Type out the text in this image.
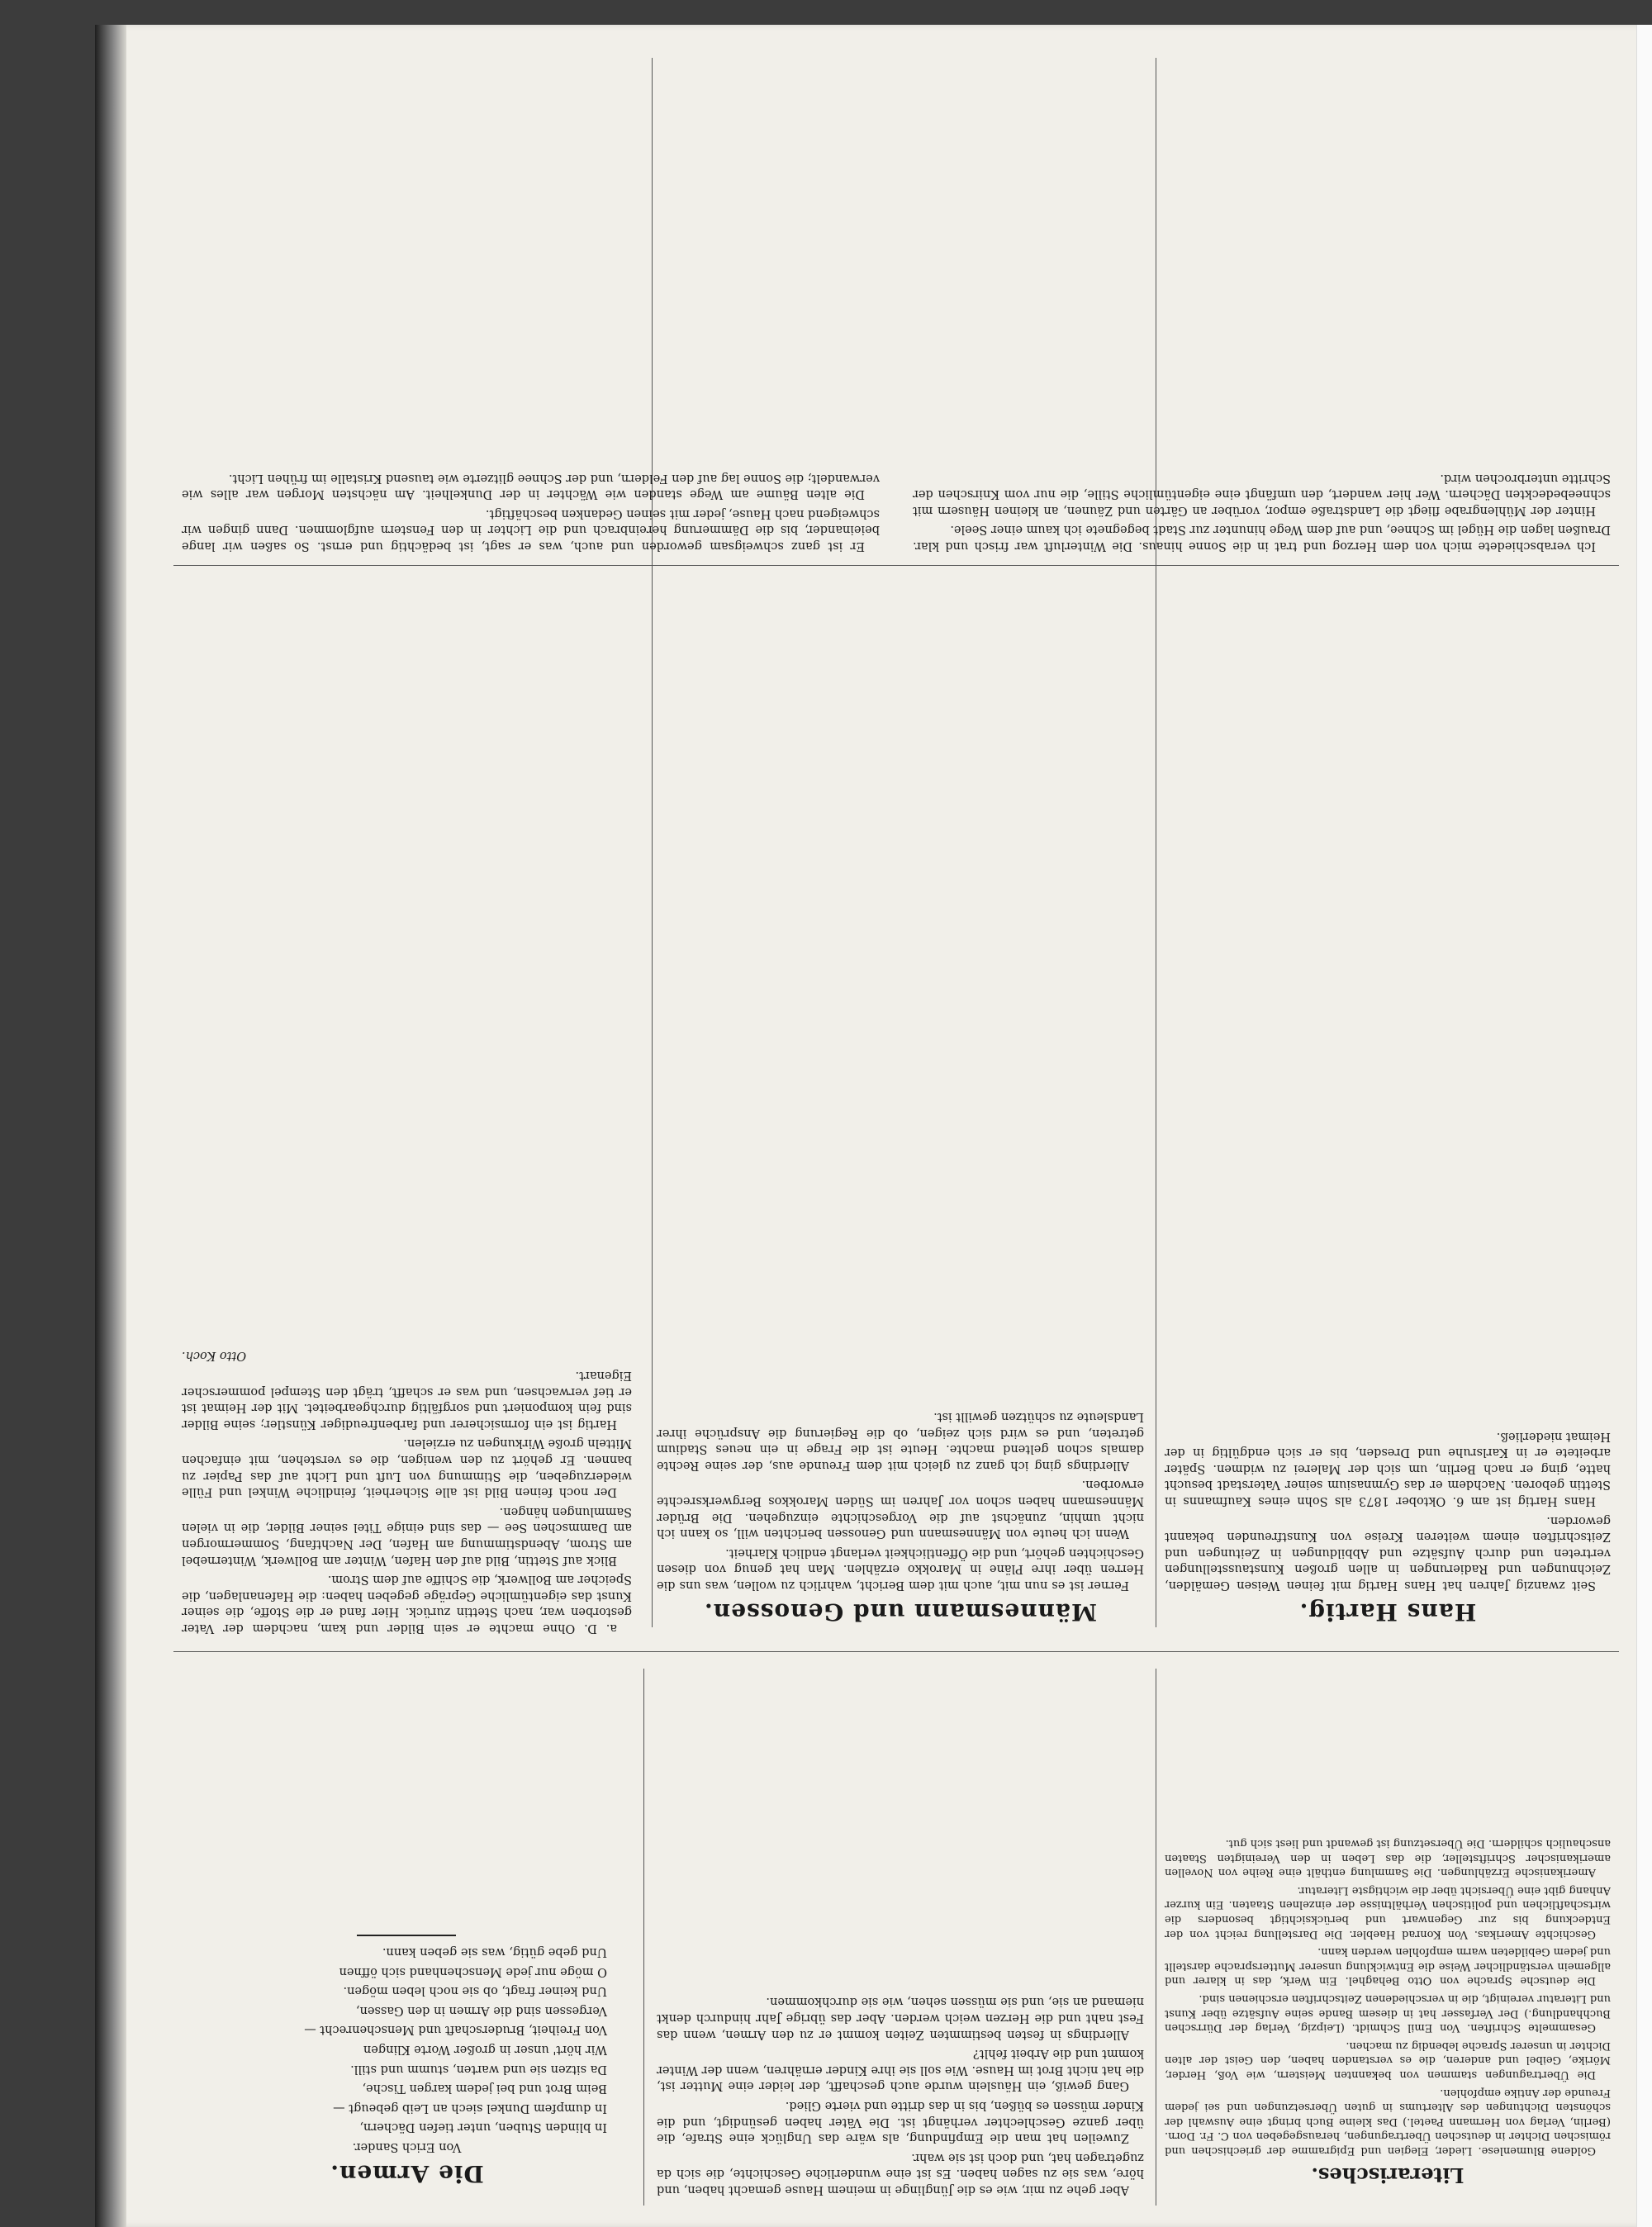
Literarisches.

Goldene Blumenlese. Lieder, Elegien und Epigramme der griechischen und römischen Dichter in deutschen Übertragungen, herausgegeben von C. Fr. Dorn. (Berlin, Verlag von Hermann Paetel.) Das kleine Buch bringt eine Auswahl der schönsten Dichtungen des Altertums in guten Übersetzungen und sei jedem Freunde der Antike empfohlen.

Die Übertragungen stammen von bekannten Meistern, wie Voß, Herder, Mörike, Geibel und anderen, die es verstanden haben, den Geist der alten Dichter in unserer Sprache lebendig zu machen.

Gesammelte Schriften. Von Emil Schmidt. (Leipzig, Verlag der Dürrschen Buchhandlung.) Der Verfasser hat in diesem Bande seine Aufsätze über Kunst und Literatur vereinigt, die in verschiedenen Zeitschriften erschienen sind.

Die deutsche Sprache von Otto Behaghel. Ein Werk, das in klarer und allgemein verständlicher Weise die Entwicklung unserer Muttersprache darstellt und jedem Gebildeten warm empfohlen werden kann.

Geschichte Amerikas. Von Konrad Haebler. Die Darstellung reicht von der Entdeckung bis zur Gegenwart und berücksichtigt besonders die wirtschaftlichen und politischen Verhältnisse der einzelnen Staaten. Ein kurzer Anhang gibt eine Übersicht über die wichtigste Literatur.

Amerikanische Erzählungen. Die Sammlung enthält eine Reihe von Novellen amerikanischer Schriftsteller, die das Leben in den Vereinigten Staaten anschaulich schildern. Die Übersetzung ist gewandt und liest sich gut.

Aber gehe zu mir, wie es die Jünglinge in meinem Hause gemacht haben, und höre, was sie zu sagen haben. Es ist eine wunderliche Geschichte, die sich da zugetragen hat, und doch ist sie wahr.

Zuweilen hat man die Empfindung, als wäre das Unglück eine Strafe, die über ganze Geschlechter verhängt ist. Die Väter haben gesündigt, und die Kinder müssen es büßen, bis in das dritte und vierte Glied.

Gang gewiß, ein Häuslein wurde auch geschafft, der leider eine Mutter ist, die hat nicht Brot im Hause. Wie soll sie ihre Kinder ernähren, wenn der Winter kommt und die Arbeit fehlt?

Allerdings in festen bestimmten Zeiten kommt er zu den Armen, wenn das Fest naht und die Herzen weich werden. Aber das übrige Jahr hindurch denkt niemand an sie, und sie müssen sehen, wie sie durchkommen.

Die Armen.

Von Erich Sander.

In blinden Stuben, unter tiefen Dächern,

In dumpfem Dunkel siech an Leib gebeugt —

Beim Brot und bei jedem kargen Tische,

Da sitzen sie und warten, stumm und still.

Wir hört' unser in großer Worte Klingen

Von Freiheit, Bruderschaft und Menschenrecht —

Vergessen sind die Armen in den Gassen,

Und keiner fragt, ob sie noch leben mögen.

O möge nur jede Menschenhand sich öffnen

Und gebe gütig, was sie geben kann.

Männesmann und Genossen.

Ferner ist es nun mit, auch mit dem Bericht, wahrlich zu wollen, was uns die Herren über ihre Pläne in Marokko erzählen. Man hat genug von diesen Geschichten gehört, und die Öffentlichkeit verlangt endlich Klarheit.

Wenn ich heute von Männesmann und Genossen berichten will, so kann ich nicht umhin, zunächst auf die Vorgeschichte einzugehen. Die Brüder Männesmann haben schon vor Jahren im Süden Marokkos Bergwerksrechte erworben.

Allerdings ging ich ganz zu gleich mit dem Freunde aus, der seine Rechte damals schon geltend machte. Heute ist die Frage in ein neues Stadium getreten, und es wird sich zeigen, ob die Regierung die Ansprüche ihrer Landsleute zu schützen gewillt ist.

a. D. Ohne machte er sein Bilder und kam, nachdem der Vater gestorben war, nach Stettin zurück. Hier fand er die Stoffe, die seiner Kunst das eigentümliche Gepräge gegeben haben: die Hafenanlagen, die Speicher am Bollwerk, die Schiffe auf dem Strom.

Blick auf Stettin, Bild auf den Hafen, Winter am Bollwerk, Winternebel am Strom, Abendstimmung am Hafen, Der Nachtfang, Sommermorgen am Dammschen See — das sind einige Titel seiner Bilder, die in vielen Sammlungen hängen.

Der noch feinen Bild ist alle Sicherheit, feindliche Winkel und Fülle wiederzugeben, die Stimmung von Luft und Licht auf das Papier zu bannen. Er gehört zu den wenigen, die es verstehen, mit einfachen Mitteln große Wirkungen zu erzielen.

Hartig ist ein formsicherer und farbenfreudiger Künstler; seine Bilder sind fein komponiert und sorgfältig durchgearbeitet. Mit der Heimat ist er tief verwachsen, und was er schafft, trägt den Stempel pommerscher Eigenart.

Otto Koch.

Hans Hartig.

Seit zwanzig Jahren hat Hans Hartig mit feinen Weisen Gemälden, Zeichnungen und Radierungen in allen großen Kunstausstellungen vertreten und durch Aufsätze und Abbildungen in Zeitungen und Zeitschriften einem weiteren Kreise von Kunstfreunden bekannt geworden.

Hans Hartig ist am 6. Oktober 1873 als Sohn eines Kaufmanns in Stettin geboren. Nachdem er das Gymnasium seiner Vaterstadt besucht hatte, ging er nach Berlin, um sich der Malerei zu widmen. Später arbeitete er in Karlsruhe und Dresden, bis er sich endgültig in der Heimat niederließ.

Ich verabschiedete mich von dem Herzog und trat in die Sonne hinaus. Die Winterluft war frisch und klar. Draußen lagen die Hügel im Schnee, und auf dem Wege hinunter zur Stadt begegnete ich kaum einer Seele.

Hinter der Mühlengrabe fliegt die Landstraße empor, vorüber an Gärten und Zäunen, an kleinen Häusern mit schneebedeckten Dächern. Wer hier wandert, den umfängt eine eigentümliche Stille, die nur vom Knirschen der Schritte unterbrochen wird.

Er ist ganz schweigsam geworden und auch, was er sagt, ist bedächtig und ernst. So saßen wir lange beieinander, bis die Dämmerung hereinbrach und die Lichter in den Fenstern aufglommen. Dann gingen wir schweigend nach Hause, jeder mit seinen Gedanken beschäftigt.

Die alten Bäume am Wege standen wie Wächter in der Dunkelheit. Am nächsten Morgen war alles wie verwandelt; die Sonne lag auf den Feldern, und der Schnee glitzerte wie tausend Kristalle im frühen Licht.
